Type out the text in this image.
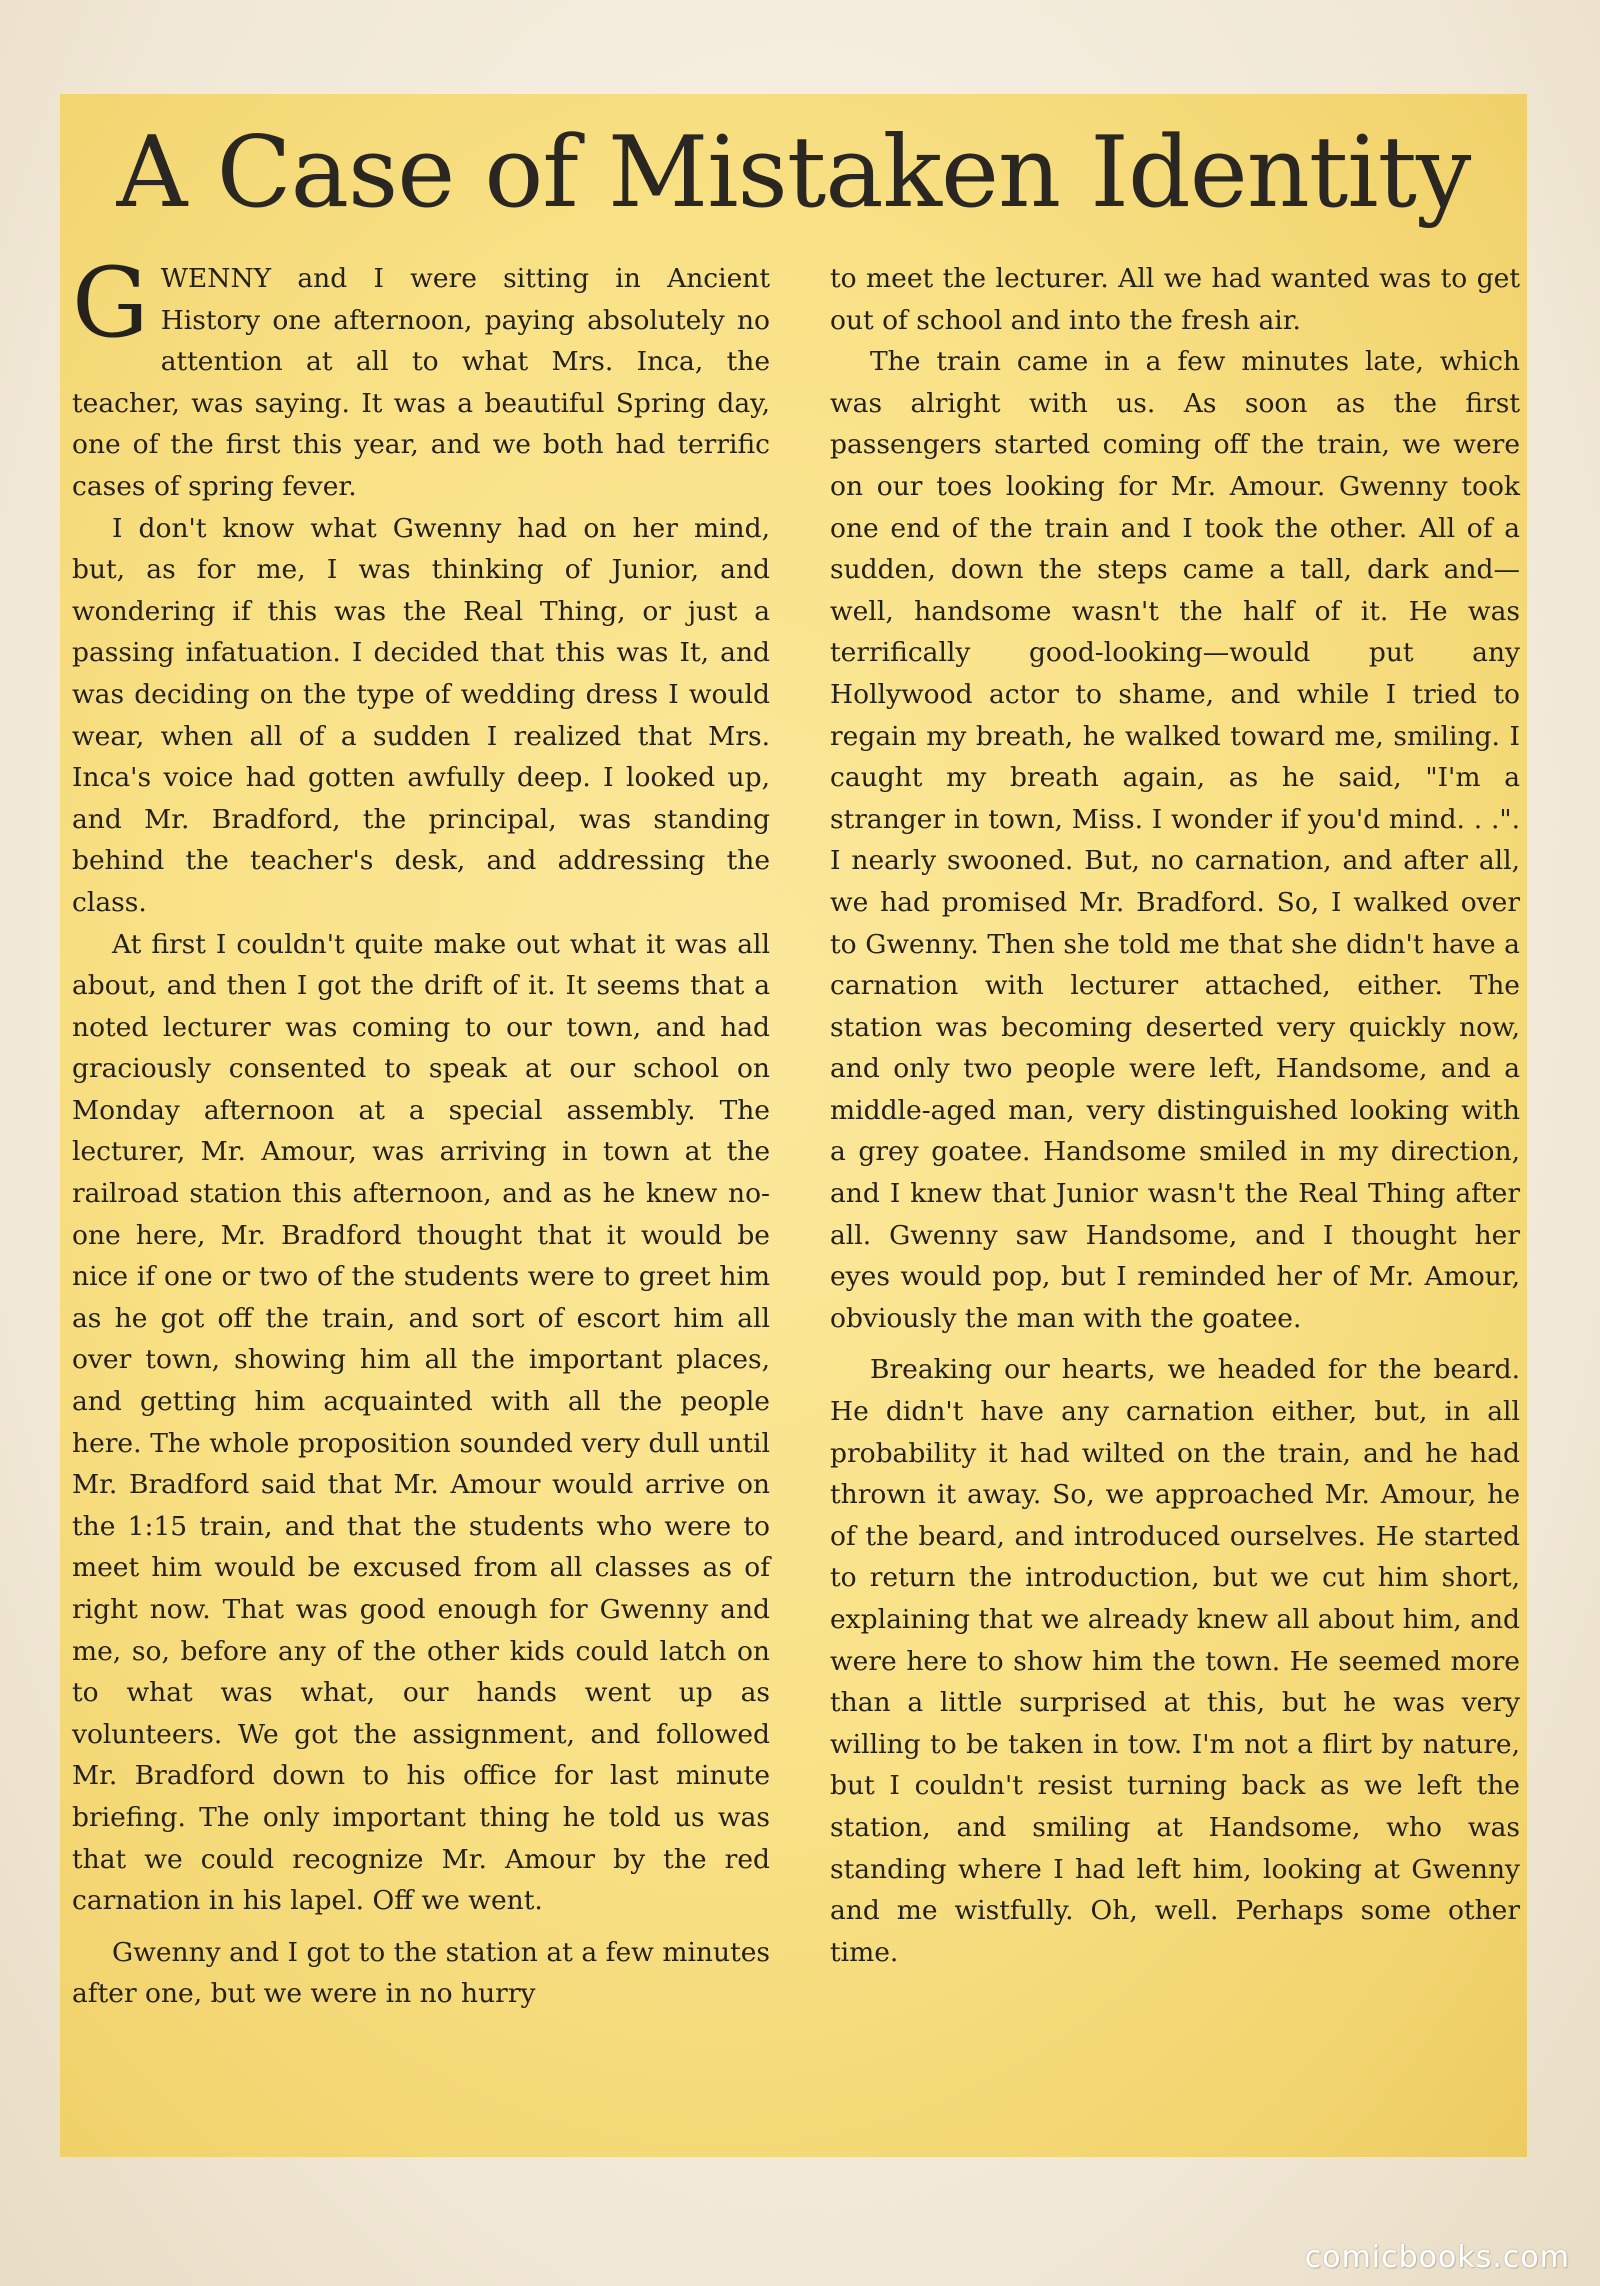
A Case of Mistaken Identity

GWENNY and I were sitting in Ancient History one afternoon, paying absolutely no attention at all to what Mrs. Inca, the teacher, was saying. It was a beautiful Spring day, one of the first this year, and we both had terrific cases of spring fever.

I don't know what Gwenny had on her mind, but, as for me, I was thinking of Junior, and wondering if this was the Real Thing, or just a passing infatuation. I decided that this was It, and was deciding on the type of wedding dress I would wear, when all of a sudden I realized that Mrs. Inca's voice had gotten awfully deep. I looked up, and Mr. Bradford, the principal, was standing behind the teacher's desk, and addressing the class.

At first I couldn't quite make out what it was all about, and then I got the drift of it. It seems that a noted lecturer was coming to our town, and had graciously consented to speak at our school on Monday afternoon at a special assembly. The lecturer, Mr. Amour, was arriving in town at the railroad station this afternoon, and as he knew no-one here, Mr. Bradford thought that it would be nice if one or two of the students were to greet him as he got off the train, and sort of escort him all over town, showing him all the important places, and getting him acquainted with all the people here. The whole proposition sounded very dull until Mr. Bradford said that Mr. Amour would arrive on the 1:15 train, and that the students who were to meet him would be excused from all classes as of right now. That was good enough for Gwenny and me, so, before any of the other kids could latch on to what was what, our hands went up as volunteers. We got the assignment, and followed Mr. Bradford down to his office for last minute briefing. The only important thing he told us was that we could recognize Mr. Amour by the red carnation in his lapel. Off we went.

Gwenny and I got to the station at a few minutes after one, but we were in no hurry

to meet the lecturer. All we had wanted was to get out of school and into the fresh air.

The train came in a few minutes late, which was alright with us. As soon as the first passengers started coming off the train, we were on our toes looking for Mr. Amour. Gwenny took one end of the train and I took the other. All of a sudden, down the steps came a tall, dark and—well, handsome wasn't the half of it. He was terrifically good-looking—would put any Hollywood actor to shame, and while I tried to regain my breath, he walked toward me, smiling. I caught my breath again, as he said, "I'm a stranger in town, Miss. I wonder if you'd mind. . .". I nearly swooned. But, no carnation, and after all, we had promised Mr. Bradford. So, I walked over to Gwenny. Then she told me that she didn't have a carnation with lecturer attached, either. The station was becoming deserted very quickly now, and only two people were left, Handsome, and a middle-aged man, very distinguished looking with a grey goatee. Handsome smiled in my direction, and I knew that Junior wasn't the Real Thing after all. Gwenny saw Handsome, and I thought her eyes would pop, but I reminded her of Mr. Amour, obviously the man with the goatee.

Breaking our hearts, we headed for the beard. He didn't have any carnation either, but, in all probability it had wilted on the train, and he had thrown it away. So, we approached Mr. Amour, he of the beard, and introduced ourselves. He started to return the introduction, but we cut him short, explaining that we already knew all about him, and were here to show him the town. He seemed more than a little surprised at this, but he was very willing to be taken in tow. I'm not a flirt by nature, but I couldn't resist turning back as we left the station, and smiling at Handsome, who was standing where I had left him, looking at Gwenny and me wistfully. Oh, well. Perhaps some other time.

comicbooks.com
